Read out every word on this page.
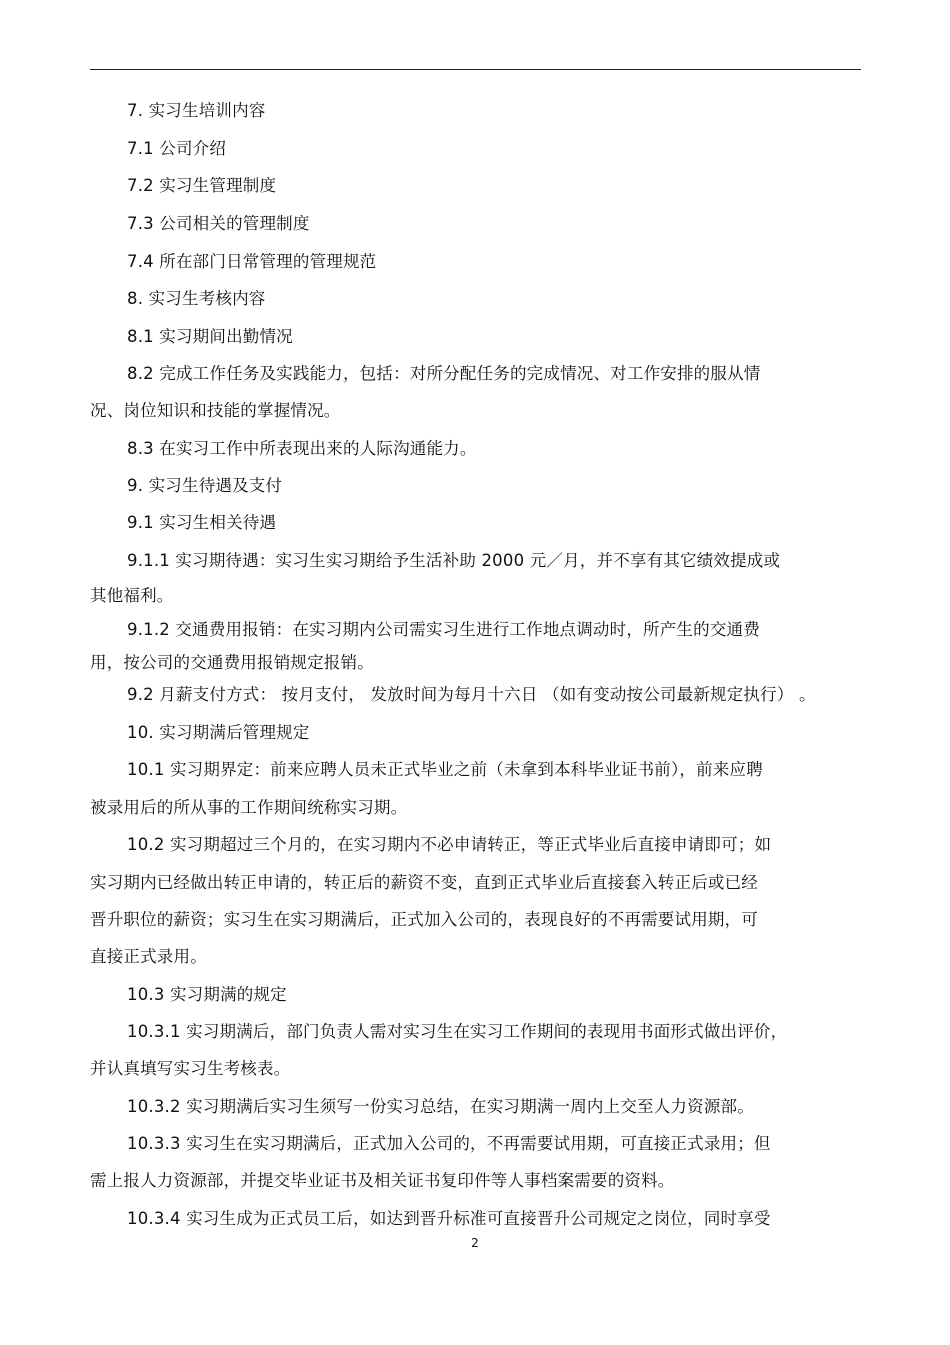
7. 实习生培训内容
7.1 公司介绍
7.2 实习生管理制度
7.3 公司相关的管理制度
7.4 所在部门日常管理的管理规范
8. 实习生考核内容
8.1 实习期间出勤情况
8.2 完成工作任务及实践能力，包括：对所分配任务的完成情况、对工作安排的服从情
况、岗位知识和技能的掌握情况。
8.3 在实习工作中所表现出来的人际沟通能力。
9. 实习生待遇及支付
9.1 实习生相关待遇
9.1.1 实习期待遇：实习生实习期给予生活补助 2000 元／月，并不享有其它绩效提成或
其他福利。
9.1.2 交通费用报销：在实习期内公司需实习生进行工作地点调动时，所产生的交通费
用，按公司的交通费用报销规定报销。
9.2 月薪支付方式： 按月支付， 发放时间为每月十六日 （如有变动按公司最新规定执行） 。
10. 实习期满后管理规定
10.1 实习期界定：前来应聘人员未正式毕业之前（未拿到本科毕业证书前），前来应聘
被录用后的所从事的工作期间统称实习期。
10.2 实习期超过三个月的，在实习期内不必申请转正，等正式毕业后直接申请即可；如
实习期内已经做出转正申请的，转正后的薪资不变，直到正式毕业后直接套入转正后或已经
晋升职位的薪资；实习生在实习期满后，正式加入公司的，表现良好的不再需要试用期，可
直接正式录用。
10.3 实习期满的规定
10.3.1 实习期满后，部门负责人需对实习生在实习工作期间的表现用书面形式做出评价，
并认真填写实习生考核表。
10.3.2 实习期满后实习生须写一份实习总结，在实习期满一周内上交至人力资源部。
10.3.3 实习生在实习期满后，正式加入公司的，不再需要试用期，可直接正式录用；但
需上报人力资源部，并提交毕业证书及相关证书复印件等人事档案需要的资料。
10.3.4 实习生成为正式员工后，如达到晋升标准可直接晋升公司规定之岗位，同时享受
2
